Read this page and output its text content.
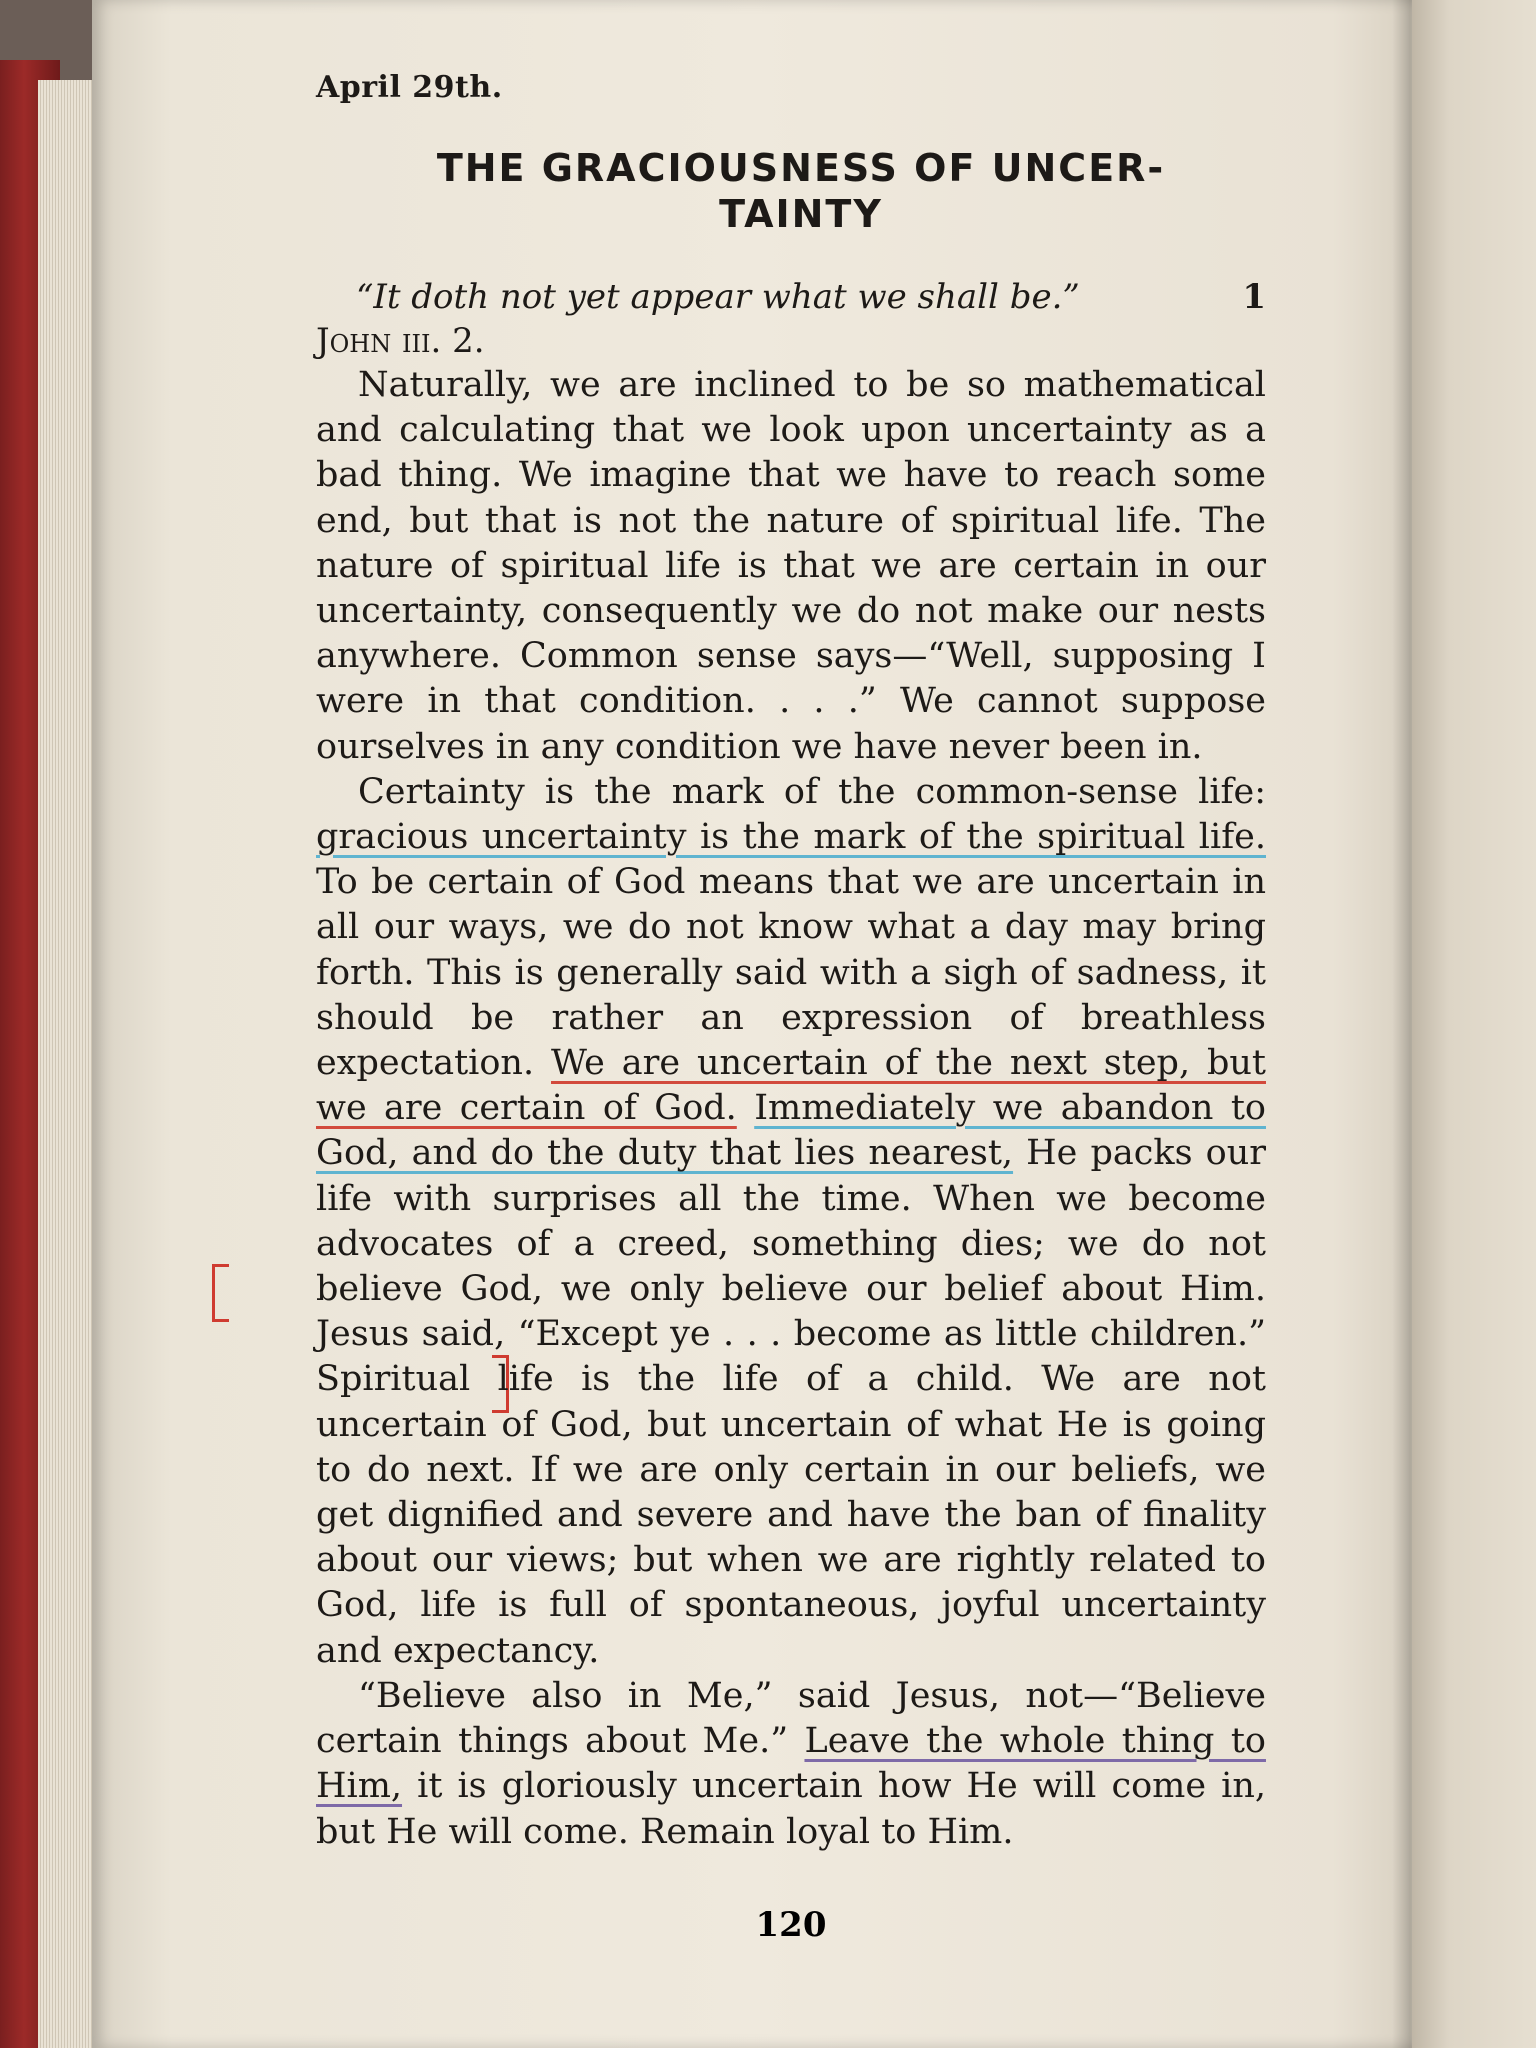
April 29th.
THE GRACIOUSNESS OF UNCER-
TAINTY

1
“It doth not yet appear what we shall be.”
John iii. 2.

Naturally, we are inclined to be so mathematical and calculating that we look upon uncertainty as a bad thing. We imagine that we have to reach some end, but that is not the nature of spiritual life. The nature of spiritual life is that we are certain in our uncertainty, consequently we do not make our nests anywhere. Common sense says—“Well, supposing I were in that condition. . . .” We cannot suppose ourselves in any condition we have never been in.

Certainty is the mark of the common-sense life: gracious uncertainty is the mark of the spiritual life. To be certain of God means that we are uncertain in all our ways, we do not know what a day may bring forth. This is generally said with a sigh of sadness, it should be rather an expression of breathless expectation. We are uncertain of the next step, but we are certain of God. Immediately we abandon to God, and do the duty that lies nearest, He packs our life with surprises all the time. When we become advocates of a creed, something dies; we do not believe God, we only believe our belief about Him. Jesus said, “Except ye . . . become as little children.” Spiritual life is the life of a child. We are not uncertain of God, but uncertain of what He is going to do next. If we are only certain in our beliefs, we get dignified and severe and have the ban of finality about our views; but when we are rightly related to God, life is full of spontaneous, joyful uncertainty and expectancy.

“Believe also in Me,” said Jesus, not—“Believe certain things about Me.” Leave the whole thing to Him, it is gloriously uncertain how He will come in, but He will come. Remain loyal to Him.

120
